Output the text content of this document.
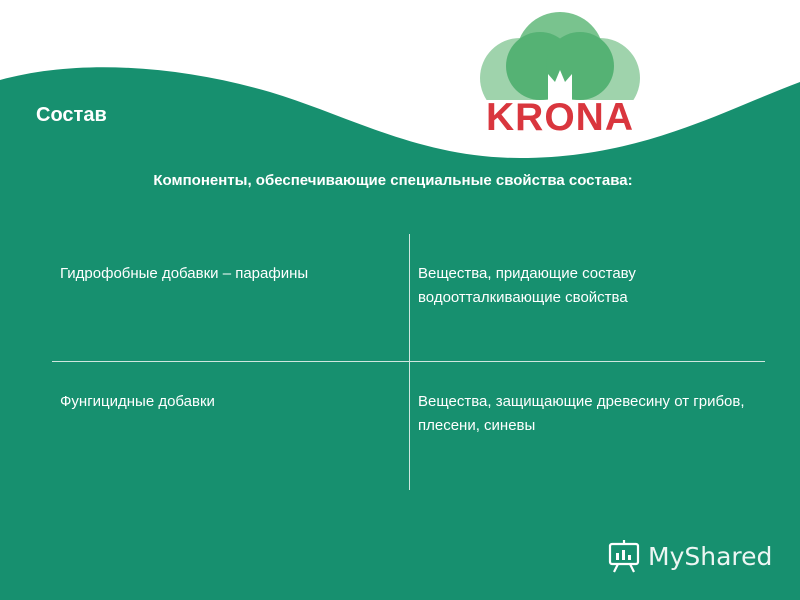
Состав	KRONA

Компоненты, обеспечивающие специальные свойства состава:

Гидрофобные добавки – парафины	Вещества, придающие составу водоотталкивающие свойства
Фунгицидные добавки	Вещества, защищающие древесину от грибов, плесени, синевы
MyShared
